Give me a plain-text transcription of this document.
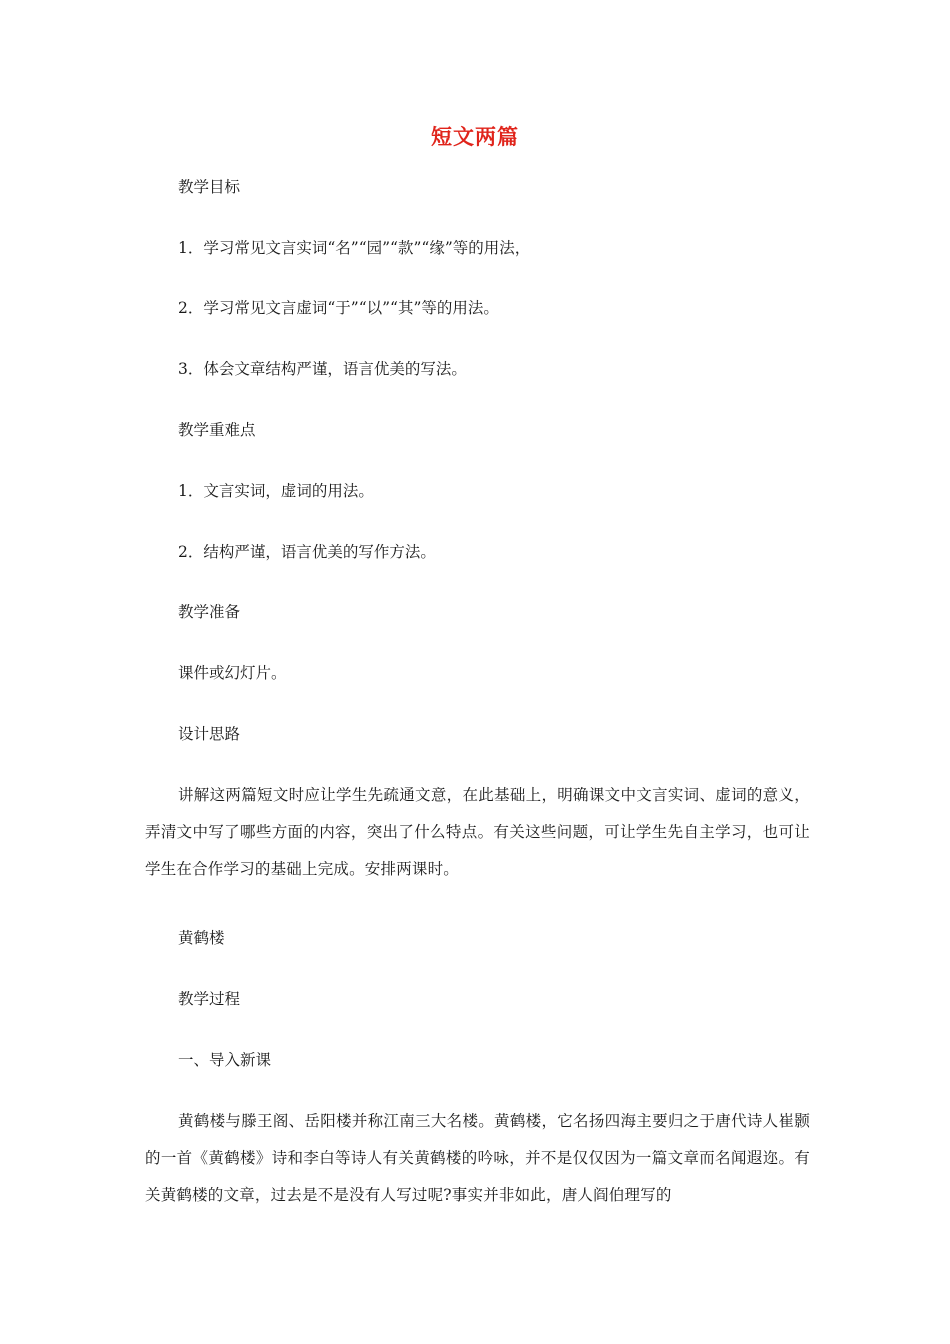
短文两篇
教学目标
1．学习常见文言实词“名”“园”“款”“缘”等的用法，
2．学习常见文言虚词“于”“以”“其”等的用法。
3．体会文章结构严谨，语言优美的写法。
教学重难点
1．文言实词，虚词的用法。
2．结构严谨，语言优美的写作方法。
教学准备
课件或幻灯片。
设计思路
讲解这两篇短文时应让学生先疏通文意，在此基础上，明确课文中文言实词、虚词的意义，弄清文中写了哪些方面的内容，突出了什么特点。有关这些问题，可让学生先自主学习，也可让学生在合作学习的基础上完成。安排两课时。
黄鹤楼
教学过程
一、导入新课
黄鹤楼与滕王阁、岳阳楼并称江南三大名楼。黄鹤楼，它名扬四海主要归之于唐代诗人崔颢的一首《黄鹤楼》诗和李白等诗人有关黄鹤楼的吟咏，并不是仅仅因为一篇文章而名闻遐迩。有关黄鹤楼的文章，过去是不是没有人写过呢?事实并非如此，唐人阎伯理写的
